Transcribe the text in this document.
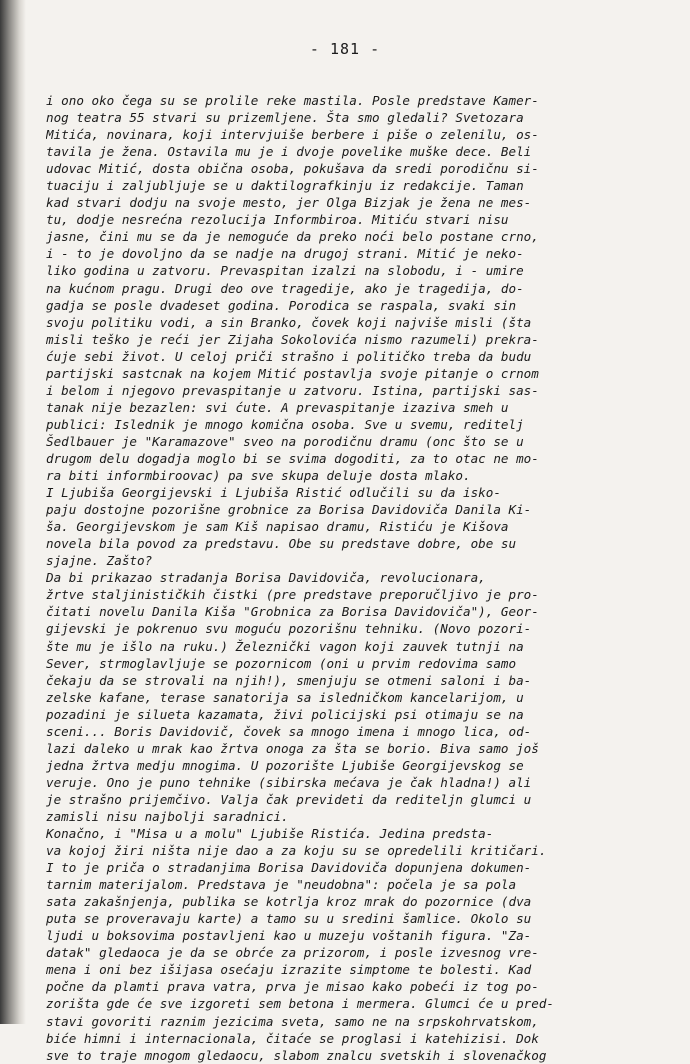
- 181 -
i ono oko čega su se prolile reke mastila. Posle predstave Kamer-
nog teatra 55 stvari su prizemljene. Šta smo gledali? Svetozara
Mitića, novinara, koji intervjuiše berbere i piše o zelenilu, os-
tavila je žena. Ostavila mu je i dvoje povelike muške dece. Beli
udovac Mitić, dosta obična osoba, pokušava da sredi porodičnu si-
tuaciju i zaljubljuje se u daktilografkinju iz redakcije. Taman
kad stvari dodju na svoje mesto, jer Olga Bizjak je žena ne mes-
tu, dodje nesrećna rezolucija Informbiroa. Mitiću stvari nisu
jasne, čini mu se da je nemoguće da preko noći belo postane crno,
i - to je dovoljno da se nadje na drugoj strani. Mitić je neko-
liko godina u zatvoru. Prevaspitan izalzi na slobodu, i - umire
na kućnom pragu. Drugi deo ove tragedije, ako je tragedija, do-
gadja se posle dvadeset godina. Porodica se raspala, svaki sin
svoju politiku vodi, a sin Branko, čovek koji najviše misli (šta
misli teško je reći jer Zijaha Sokolovića nismo razumeli) prekra-
ćuje sebi život. U celoj priči strašno i političko treba da budu
partijski sastcnak na kojem Mitić postavlja svoje pitanje o crnom
i belom i njegovo prevaspitanje u zatvoru. Istina, partijski sas-
tanak nije bezazlen: svi ćute. A prevaspitanje izaziva smeh u
publici: Islednik je mnogo komična osoba. Sve u svemu, reditelj
Šedlbauer je "Karamazove" sveo na porodičnu dramu (onc što se u
drugom delu dogadja moglo bi se svima dogoditi, za to otac ne mo-
ra biti informbiroovac) pa sve skupa deluje dosta mlako.
I Ljubiša Georgijevski i Ljubiša Ristić odlučili su da isko-
paju dostojne pozorišne grobnice za Borisa Davidoviča Danila Ki-
ša. Georgijevskom je sam Kiš napisao dramu, Ristiću je Kišova
novela bila povod za predstavu. Obe su predstave dobre, obe su
sjajne. Zašto?
Da bi prikazao stradanja Borisa Davidoviča, revolucionara,
žrtve staljinističkih čistki (pre predstave preporučljivo je pro-
čitati novelu Danila Kiša "Grobnica za Borisa Davidoviča"), Geor-
gijevski je pokrenuo svu moguću pozorišnu tehniku. (Novo pozori-
šte mu je išlo na ruku.) Železnički vagon koji zauvek tutnji na
Sever, strmoglavljuje se pozornicom (oni u prvim redovima samo
čekaju da se strovali na njih!), smenjuju se otmeni saloni i ba-
zelske kafane, terase sanatorija sa isledničkom kancelarijom, u
pozadini je silueta kazamata, živi policijski psi otimaju se na
sceni... Boris Davidovič, čovek sa mnogo imena i mnogo lica, od-
lazi daleko u mrak kao žrtva onoga za šta se borio. Biva samo još
jedna žrtva medju mnogima. U pozorište Ljubiše Georgijevskog se
veruje. Ono je puno tehnike (sibirska mećava je čak hladna!) ali
je strašno prijemčivo. Valja čak prevideti da rediteljn glumci u
zamisli nisu najbolji saradnici.
Konačno, i "Misa u a molu" Ljubiše Ristića. Jedina predsta-
va kojoj žiri ništa nije dao a za koju su se opredelili kritičari.
I to je priča o stradanjima Borisa Davidoviča dopunjena dokumen-
tarnim materijalom. Predstava je "neudobna": počela je sa pola
sata zakašnjenja, publika se kotrlja kroz mrak do pozornice (dva
puta se proveravaju karte) a tamo su u sredini šamlice. Okolo su
ljudi u boksovima postavljeni kao u muzeju voštanih figura. "Za-
datak" gledaoca je da se obrće za prizorom, i posle izvesnog vre-
mena i oni bez išijasa osećaju izrazite simptome te bolesti. Kad
počne da plamti prava vatra, prva je misao kako pobeći iz tog po-
zorišta gde će sve izgoreti sem betona i mermera. Glumci će u pred-
stavi govoriti raznim jezicima sveta, samo ne na srpskohrvatskom,
biće himni i internacionala, čitaće se proglasi i katehizisi. Dok
sve to traje mnogom gledaocu, slabom znalcu svetskih i slovenačkog
